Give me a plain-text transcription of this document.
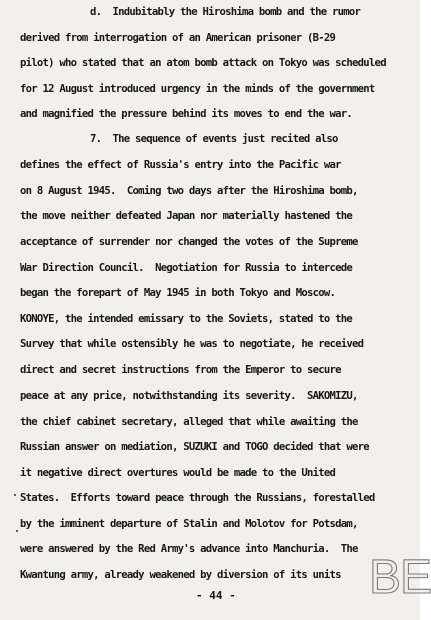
d.  Indubitably the Hiroshima bomb and the rumor

derived from interrogation of an American prisoner (B-29

pilot) who stated that an atom bomb attack on Tokyo was scheduled

for 12 August introduced urgency in the minds of the government

and magnified the pressure behind its moves to end the war.

7.  The sequence of events just recited also

defines the effect of Russia's entry into the Pacific war

on 8 August 1945.  Coming two days after the Hiroshima bomb,

the move neither defeated Japan nor materially hastened the

acceptance of surrender nor changed the votes of the Supreme

War Direction Council.  Negotiation for Russia to intercede

began the forepart of May 1945 in both Tokyo and Moscow.

KONOYE, the intended emissary to the Soviets, stated to the

Survey that while ostensibly he was to negotiate, he received

direct and secret instructions from the Emperor to secure

peace at any price, notwithstanding its severity.  SAKOMIZU,

the chief cabinet secretary, alleged that while awaiting the

Russian answer on mediation, SUZUKI and TOGO decided that were

it negative direct overtures would be made to the United

States.  Efforts toward peace through the Russians, forestalled

by the imminent departure of Stalin and Molotov for Potsdam,

were answered by the Red Army's advance into Manchuria.  The

Kwantung army, already weakened by diversion of its units

- 44 -	BE
